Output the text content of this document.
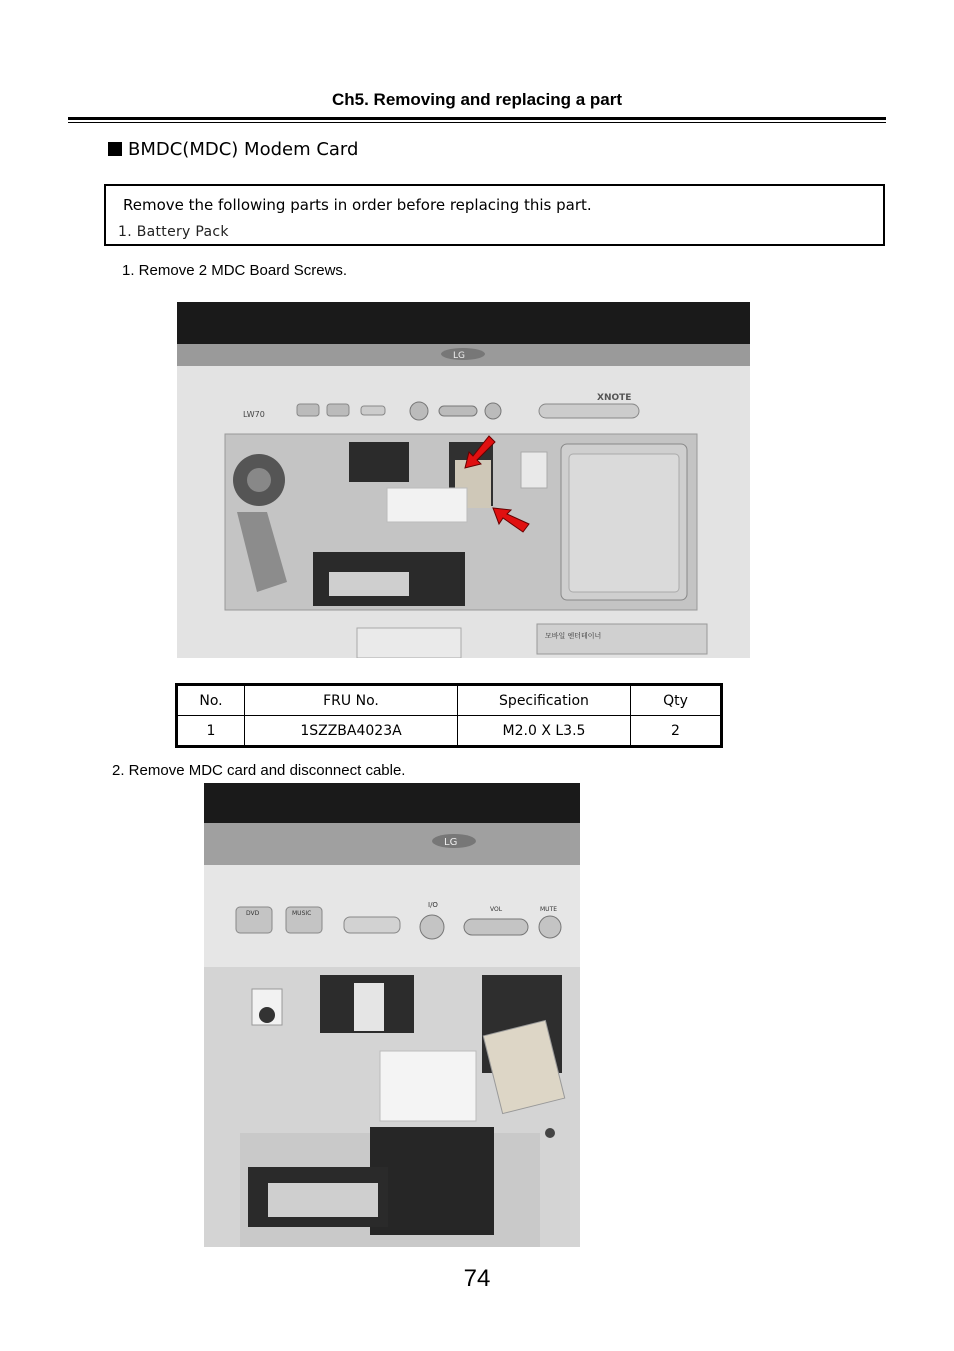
Ch5. Removing and replacing a part
BMDC(MDC) Modem Card
Remove the following parts in order before replacing this part.
1. Battery Pack
1. Remove 2 MDC Board Screws.
LG
LW70
XNOTE
모바일 엔터테이너
No.	FRU No.	Specification	Qty
1	1SZZBA4023A	M2.0 X L3.5	2
2. Remove MDC card and disconnect cable.
LG
DVD	MUSIC
I/O
VOL	MUTE
74
